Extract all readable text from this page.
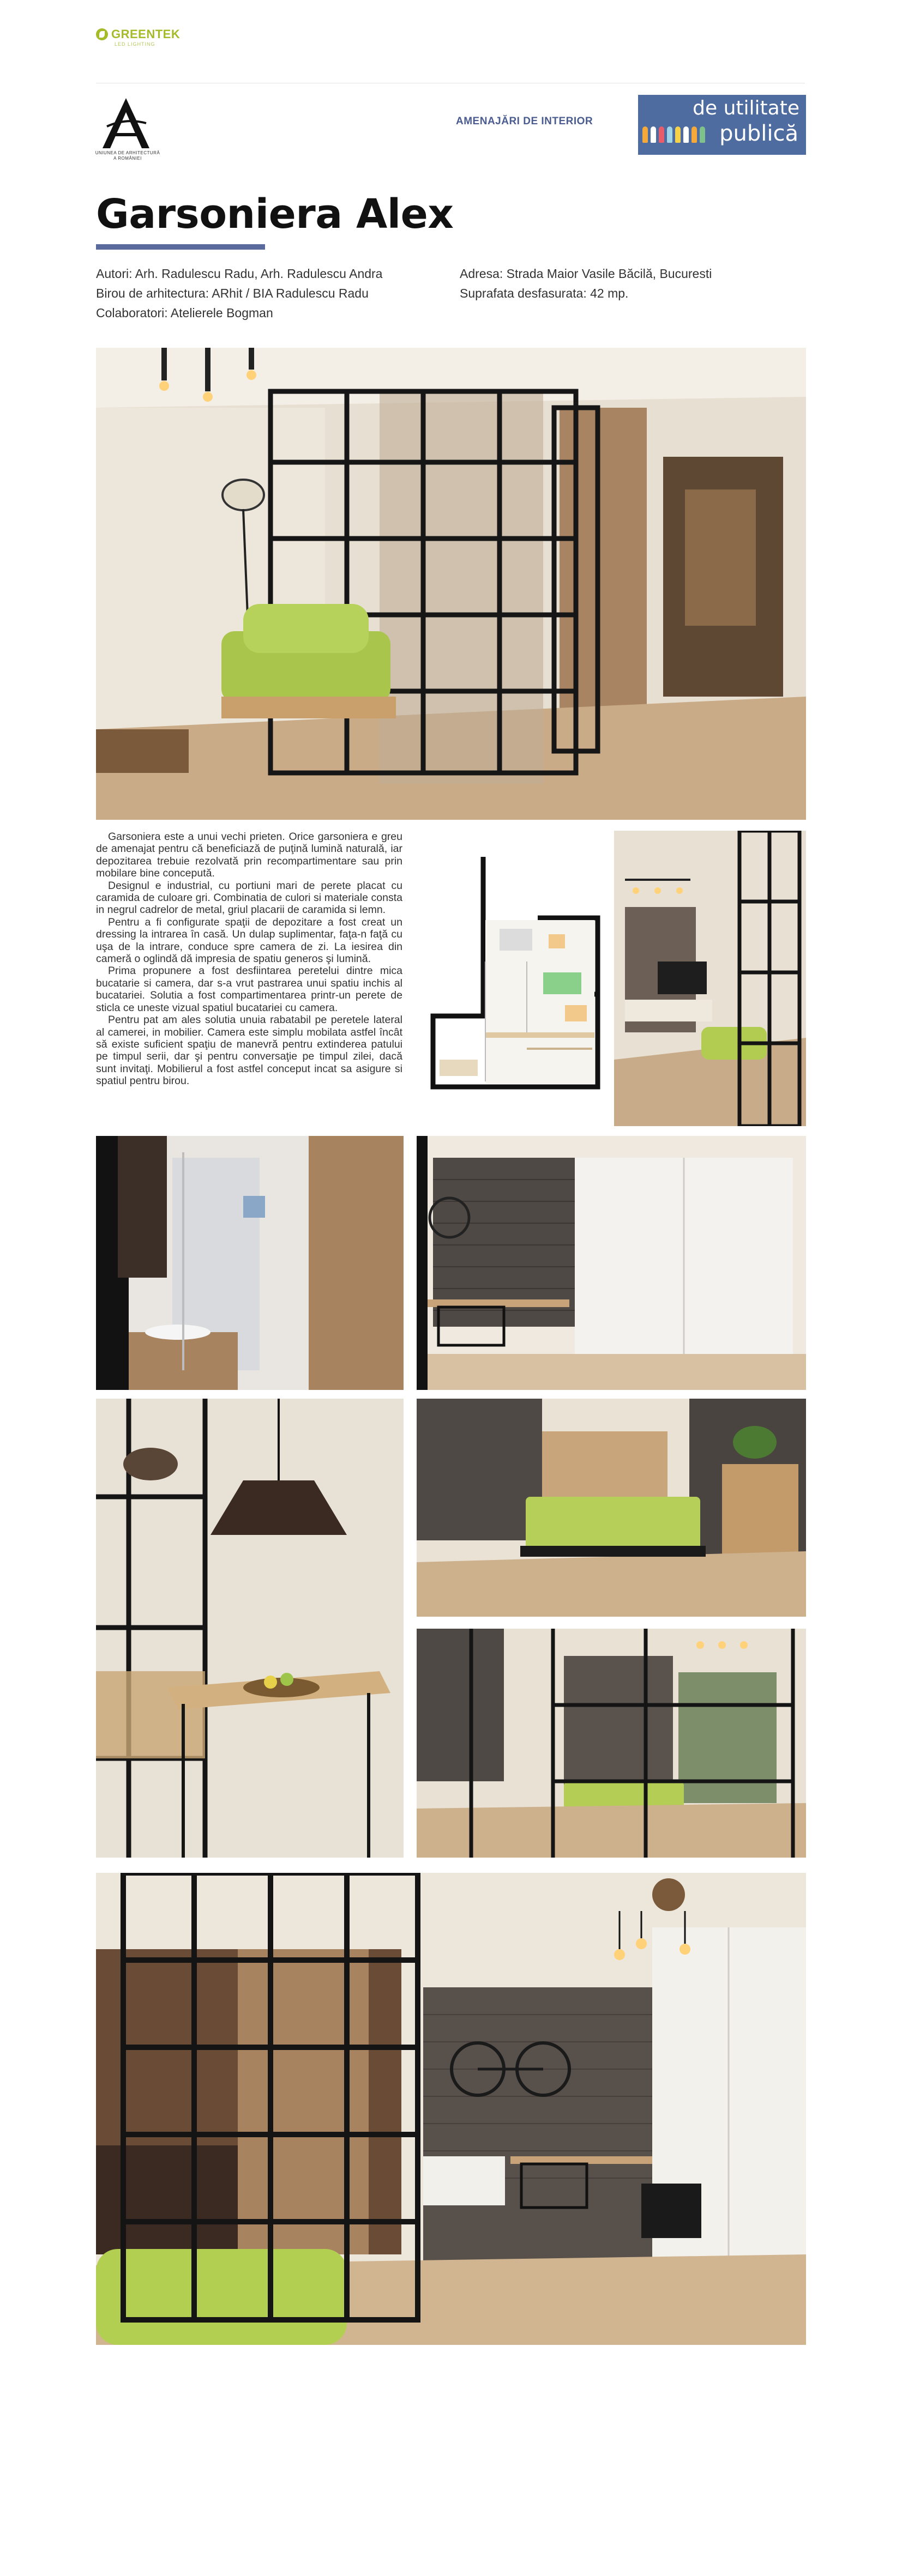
GREENTEK
LED LIGHTING
UNIUNEA DE ARHITECTURĂ A ROMÂNIEI
AMENAJĂRI DE INTERIOR
de utilitate
publică
Garsoniera Alex
Autori: Arh. Radulescu Radu, Arh. Radulescu Andra
Birou de arhitectura: ARhit / BIA Radulescu Radu
Colaboratori: Atelierele Bogman
Adresa: Strada Maior Vasile Băcilă, Bucuresti
Suprafata desfasurata: 42 mp.

Garsoniera este a unui vechi prieten. Orice garsoniera e greu de amenajat pentru că beneficiază de puţină lumină naturală, iar depozitarea trebuie rezolvată prin recompartimentare sau prin mobilare bine concepută.

Designul e industrial, cu portiuni mari de perete placat cu caramida de culoare gri. Combinatia de culori si materiale consta in negrul cadrelor de metal, griul placarii de caramida si lemn.

Pentru a fi configurate spaţii de depozitare a fost creat un dressing la intrarea în casă. Un dulap suplimentar, faţa-n faţă cu uşa de la intrare, conduce spre camera de zi. La iesirea din cameră o oglindă dă impresia de spatiu generos şi lumină.

Prima propunere a fost desfiintarea peretelui dintre mica bucatarie si camera, dar s-a vrut pastrarea unui spatiu inchis al bucatariei. Solutia a fost compartimentarea printr-un perete de sticla ce uneste vizual spatiul bucatariei cu camera.

Pentru pat am ales solutia unuia rabatabil pe peretele lateral al camerei, in mobilier. Camera este simplu mobilata astfel încât să existe suficient spaţiu de manevră pentru extinderea patului pe timpul serii, dar şi pentru conversaţie pe timpul zilei, dacă sunt invitaţi. Mobilierul a fost astfel conceput incat sa asigure si spatiul pentru birou.
